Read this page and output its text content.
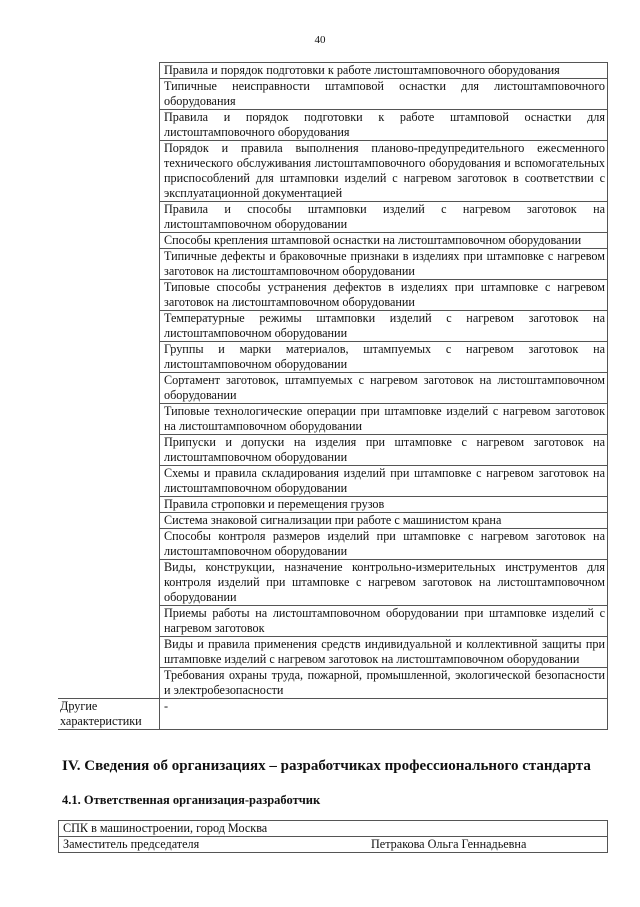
40
	Правила и порядок подготовки к работе листоштамповочного оборудования
	Типичные неисправности штамповой оснастки для листоштамповочного оборудования
	Правила и порядок подготовки к работе штамповой оснастки для листоштамповочного оборудования
	Порядок и правила выполнения планово-предупредительного ежесменного технического обслуживания листоштамповочного оборудования и вспомогательных приспособлений для штамповки изделий с нагревом заготовок в соответствии с эксплуатационной документацией
	Правила и способы штамповки изделий с нагревом заготовок на листоштамповочном оборудовании
	Способы крепления штамповой оснастки на листоштамповочном оборудовании
	Типичные дефекты и браковочные признаки в изделиях при штамповке с нагревом заготовок на листоштамповочном оборудовании
	Типовые способы устранения дефектов в изделиях при штамповке с нагревом заготовок на листоштамповочном оборудовании
	Температурные режимы штамповки изделий с нагревом заготовок на листоштамповочном оборудовании
	Группы и марки материалов, штампуемых с нагревом заготовок на листоштамповочном оборудовании
	Сортамент заготовок, штампуемых с нагревом заготовок на листоштамповочном оборудовании
	Типовые технологические операции при штамповке изделий с нагревом заготовок на листоштамповочном оборудовании
	Припуски и допуски на изделия при штамповке с нагревом заготовок на листоштамповочном оборудовании
	Схемы и правила складирования изделий при штамповке с нагревом заготовок на листоштамповочном оборудовании
	Правила строповки и перемещения грузов
	Система знаковой сигнализации при работе с машинистом крана
	Способы контроля размеров изделий при штамповке с нагревом заготовок на листоштамповочном оборудовании
	Виды, конструкции, назначение контрольно-измерительных инструментов для контроля изделий при штамповке с нагревом заготовок на листоштамповочном оборудовании
	Приемы работы на листоштамповочном оборудовании при штамповке изделий с нагревом заготовок
	Виды и правила применения средств индивидуальной и коллективной защиты при штамповке изделий с нагревом заготовок на листоштамповочном оборудовании
	Требования охраны труда, пожарной, промышленной, экологической безопасности и электробезопасности
Другие характеристики	-
IV. Сведения об организациях – разработчиках профессионального стандарта
4.1. Ответственная организация-разработчик
СПК в машиностроении, город Москва
Заместитель председателя	Петракова Ольга Геннадьевна
